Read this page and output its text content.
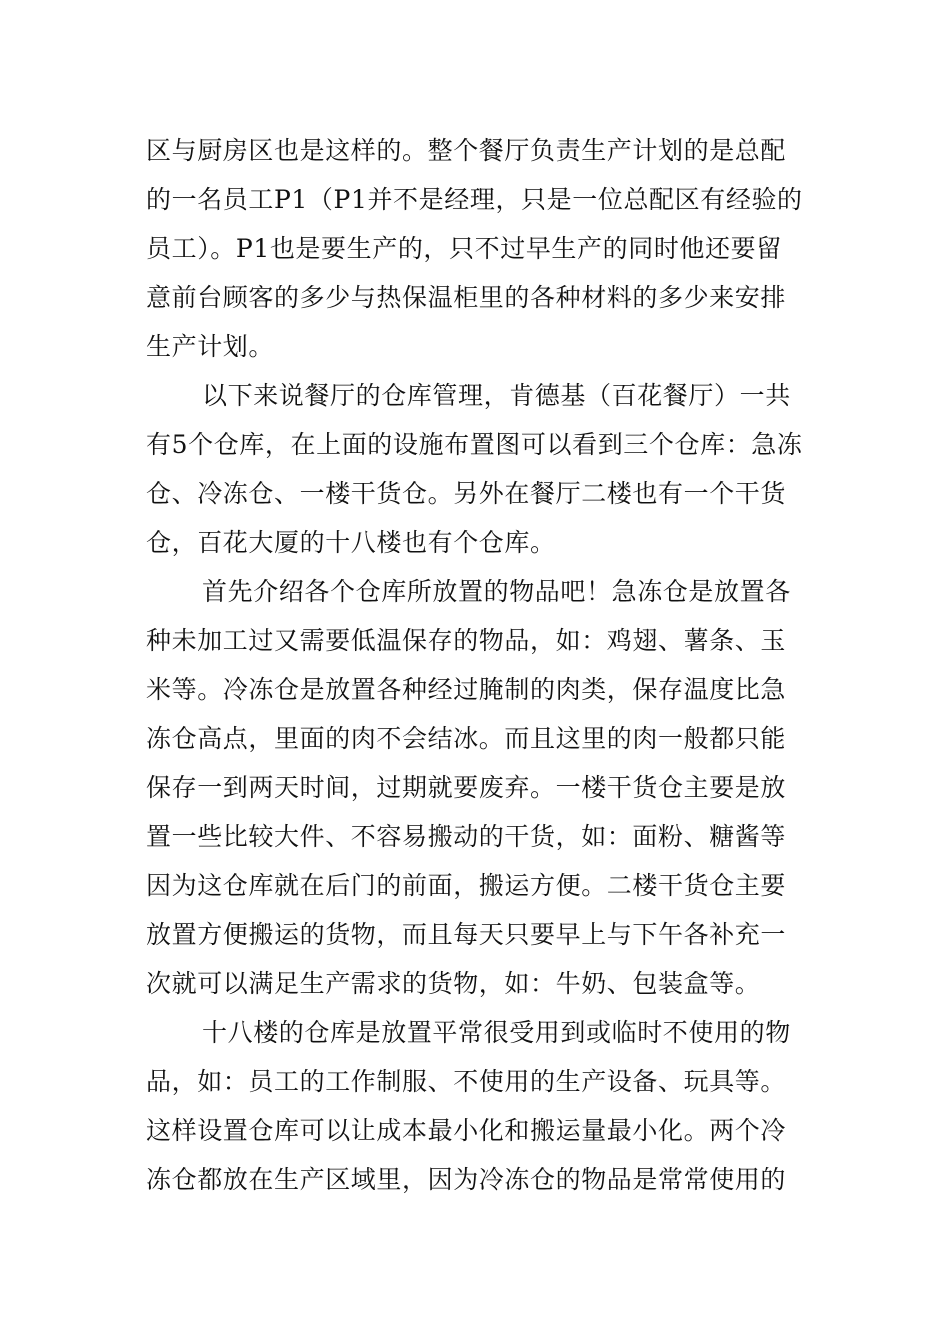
区与厨房区也是这样的。整个餐厅负责生产计划的是总配
的一名员工P1（P1并不是经理，只是一位总配区有经验的
员工）。P1也是要生产的，只不过早生产的同时他还要留
意前台顾客的多少与热保温柜里的各种材料的多少来安排
生产计划。
以下来说餐厅的仓库管理，肯德基（百花餐厅）一共
有5个仓库，在上面的设施布置图可以看到三个仓库：急冻
仓、冷冻仓、一楼干货仓。另外在餐厅二楼也有一个干货
仓，百花大厦的十八楼也有个仓库。
首先介绍各个仓库所放置的物品吧！急冻仓是放置各
种未加工过又需要低温保存的物品，如：鸡翅、薯条、玉
米等。冷冻仓是放置各种经过腌制的肉类，保存温度比急
冻仓高点，里面的肉不会结冰。而且这里的肉一般都只能
保存一到两天时间，过期就要废弃。一楼干货仓主要是放
置一些比较大件、不容易搬动的干货，如：面粉、糖酱等
因为这仓库就在后门的前面，搬运方便。二楼干货仓主要
放置方便搬运的货物，而且每天只要早上与下午各补充一
次就可以满足生产需求的货物，如：牛奶、包装盒等。
十八楼的仓库是放置平常很受用到或临时不使用的物
品，如：员工的工作制服、不使用的生产设备、玩具等。
这样设置仓库可以让成本最小化和搬运量最小化。两个冷
冻仓都放在生产区域里，因为冷冻仓的物品是常常使用的
